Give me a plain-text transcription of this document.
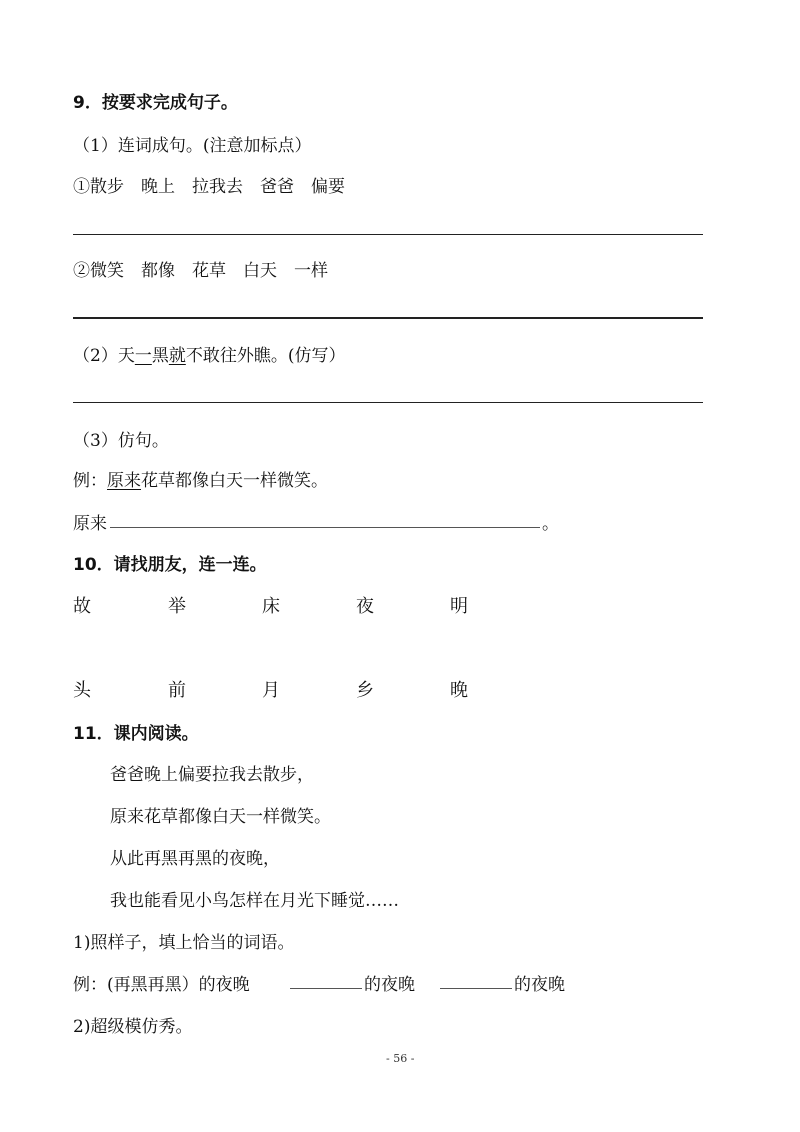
9．按要求完成句子。
（1）连词成句。(注意加标点）
①散步　晚上　拉我去　爸爸　偏要
②微笑　都像　花草　白天　一样
（2）天一黑就不敢往外瞧。(仿写）
（3）仿句。
例：原来花草都像白天一样微笑。
原来	。
10．请找朋友，连一连。
故	举	床	夜	明
头	前	月	乡	晚
11．课内阅读。
爸爸晚上偏要拉我去散步，
原来花草都像白天一样微笑。
从此再黑再黑的夜晚，
我也能看见小鸟怎样在月光下睡觉……
1)照样子，填上恰当的词语。
例：(再黑再黑）的夜晚	的夜晚	的夜晚
2)超级模仿秀。
- 56 -
